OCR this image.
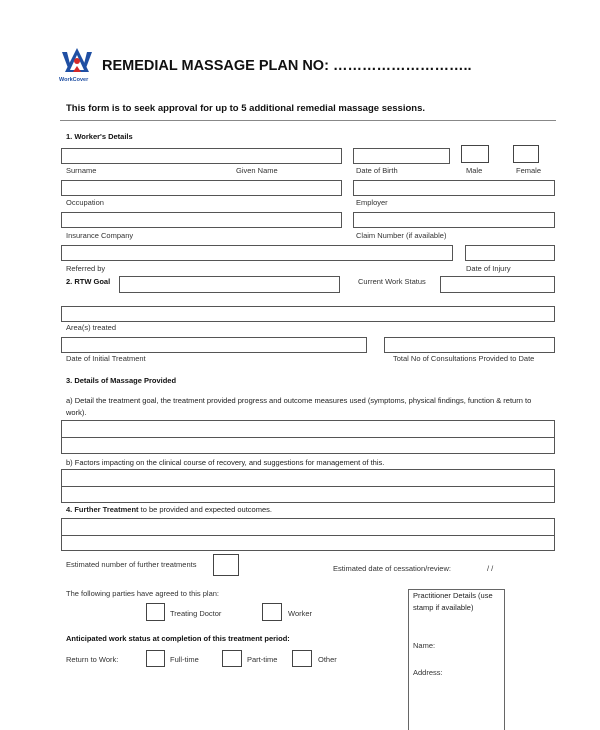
WorkCover
REMEDIAL MASSAGE PLAN NO: ………………………..
This form is to seek approval for up to 5 additional remedial massage sessions.
1. Worker's Details
Surname	Given Name	Date of Birth	Male	Female
Occupation	Employer
Insurance Company	Claim Number (if available)
Referred by	Date of Injury
2. RTW Goal	Current Work Status
Area(s) treated
Date of Initial Treatment	Total No of Consultations Provided to Date
3. Details of Massage Provided
a) Detail the treatment goal, the treatment provided progress and outcome measures used (symptoms, physical findings, function & return to work).
b) Factors impacting on the clinical course of recovery, and suggestions for management of this.
4. Further Treatment to be provided and expected outcomes.
Estimated number of further treatments	Estimated date of cessation/review:	/ /
The following parties have agreed to this plan:
Treating Doctor	Worker
Anticipated work status at completion of this treatment period:
Return to Work:	Full-time	Part-time	Other
Practitioner Details (use stamp if available)
Name:
Address:
